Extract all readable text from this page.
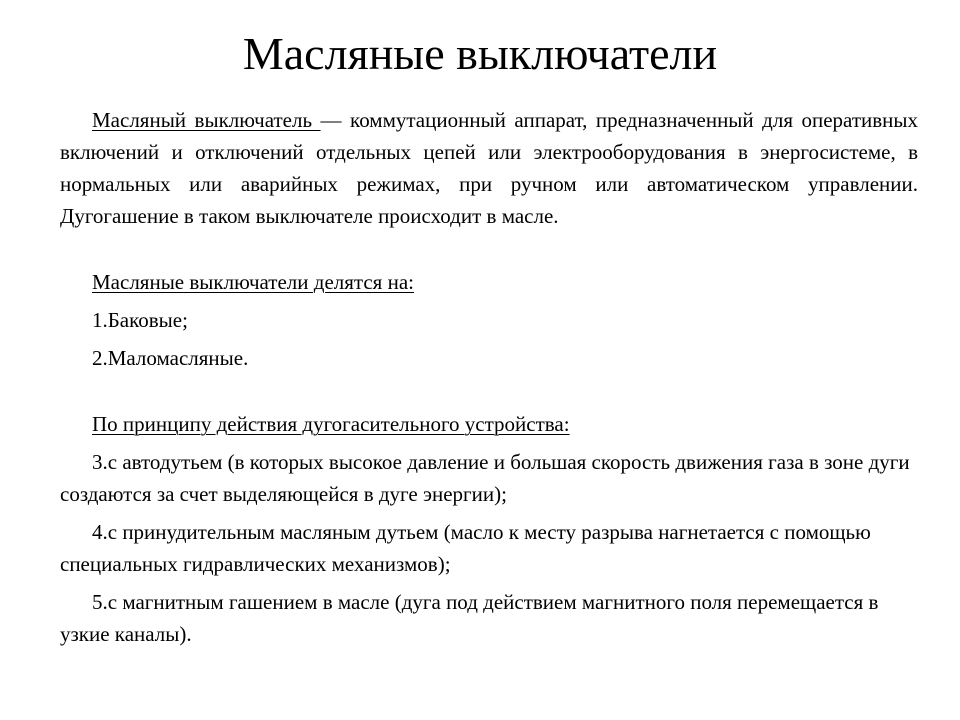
Масляные выключатели

Масляный выключатель — коммутационный аппарат, предназначенный для оперативных включений и отключений отдельных цепей или электрооборудования в энергосистеме, в нормальных или аварийных режимах, при ручном или автоматическом управлении. Дугогашение в таком выключателе происходит в масле.

Масляные выключатели делятся на:

1.Баковые;
2.Маломасляные.

По принципу действия дугогасительного устройства:

3.с автодутьем (в которых высокое давление и большая скорость движения газа в зоне дуги создаются за счет выделяющейся в дуге энергии);
4.с принудительным масляным дутьем (масло к месту разрыва нагнетается с помощью специальных гидравлических механизмов);
5.с магнитным гашением в масле (дуга под действием магнитного поля перемещается в узкие каналы).
